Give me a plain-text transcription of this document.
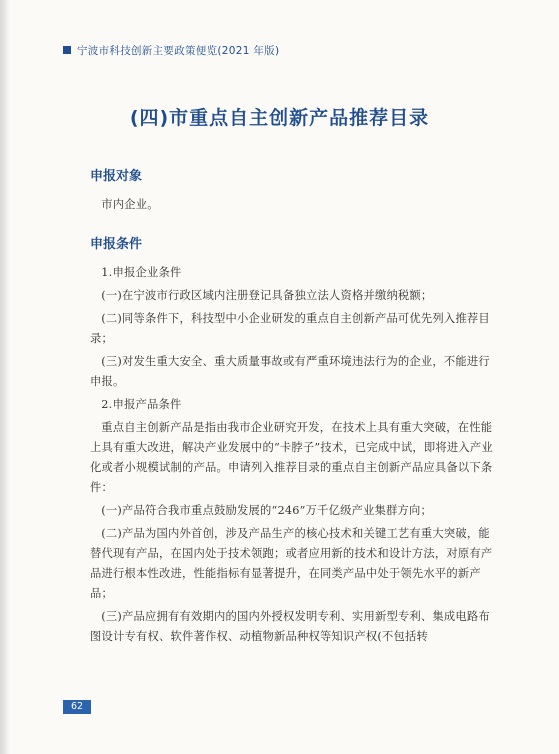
宁波市科技创新主要政策便览(2021 年版)
(四)市重点自主创新产品推荐目录
申报对象

市内企业。

申报条件

1.申报企业条件

(一)在宁波市行政区域内注册登记具备独立法人资格并缴纳税额；

(二)同等条件下，科技型中小企业研发的重点自主创新产品可优先列入推荐目录；

(三)对发生重大安全、重大质量事故或有严重环境违法行为的企业，不能进行申报。

2.申报产品条件

重点自主创新产品是指由我市企业研究开发，在技术上具有重大突破，在性能上具有重大改进，解决产业发展中的“卡脖子”技术，已完成中试，即将进入产业化或者小规模试制的产品。申请列入推荐目录的重点自主创新产品应具备以下条件：

(一)产品符合我市重点鼓励发展的“246”万千亿级产业集群方向；

(二)产品为国内外首创，涉及产品生产的核心技术和关键工艺有重大突破，能替代现有产品，在国内处于技术领跑；或者应用新的技术和设计方法，对原有产品进行根本性改进，性能指标有显著提升，在同类产品中处于领先水平的新产品；

(三)产品应拥有有效期内的国内外授权发明专利、实用新型专利、集成电路布图设计专有权、软件著作权、动植物新品种权等知识产权(不包括转

62
